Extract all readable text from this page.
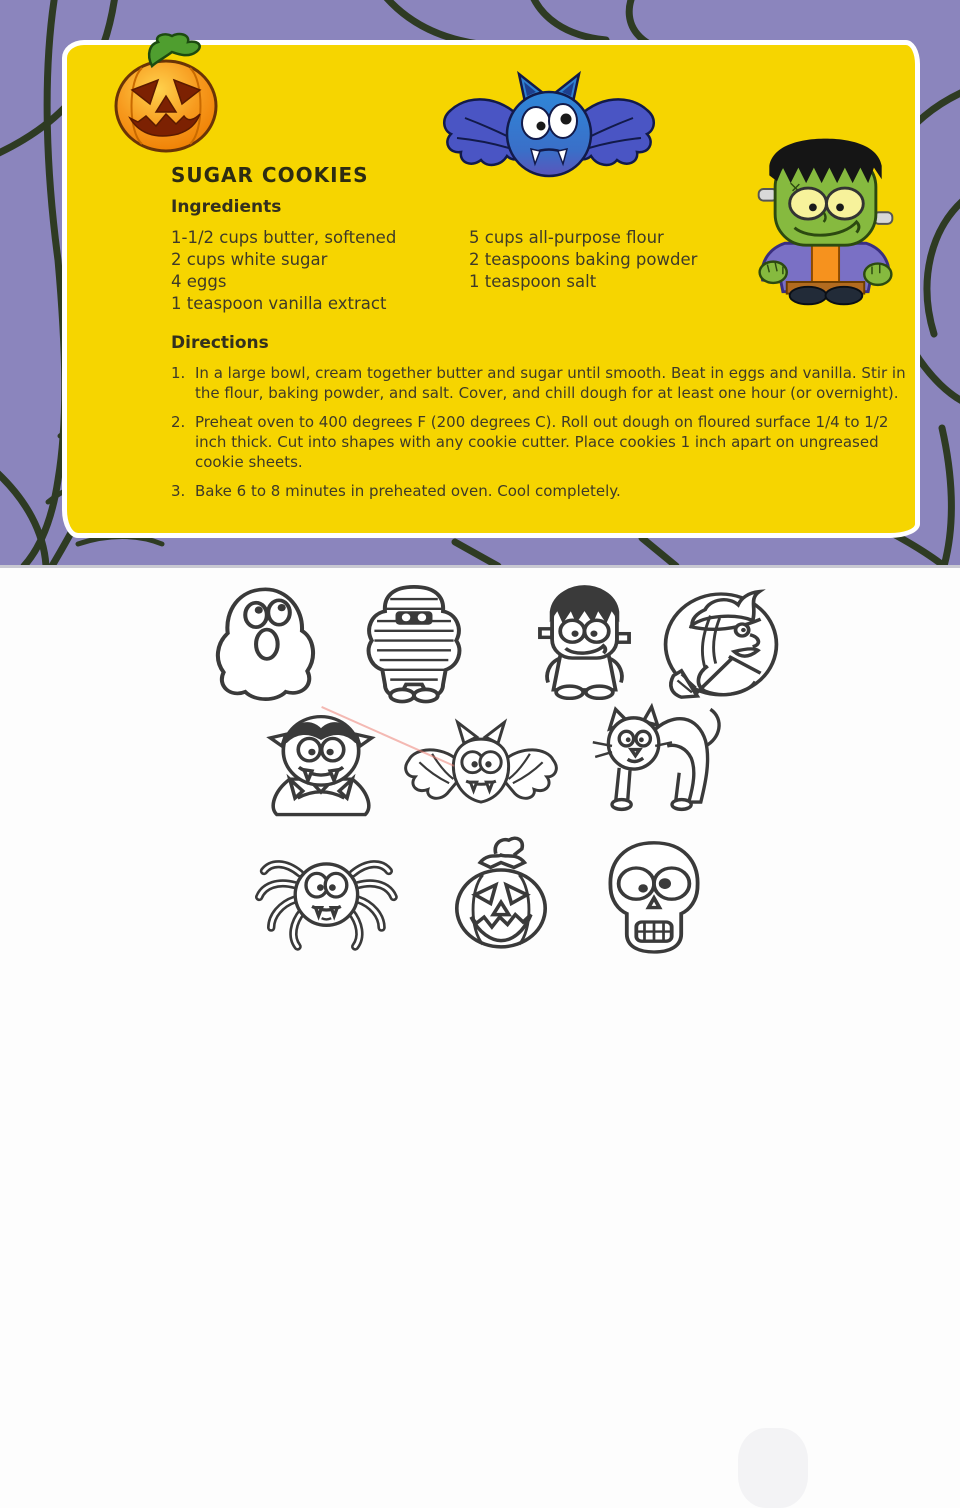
SUGAR COOKIES
Ingredients
1-1/2 cups butter, softened
2 cups white sugar
4 eggs
1 teaspoon vanilla extract
5 cups all-purpose flour
2 teaspoons baking powder
1 teaspoon salt
Directions
1. In a large bowl, cream together butter and sugar until smooth. Beat in eggs and vanilla. Stir in the flour, baking powder, and salt. Cover, and chill dough for at least one hour (or overnight).
2. Preheat oven to 400 degrees F (200 degrees C). Roll out dough on floured surface 1/4 to 1/2 inch thick. Cut into shapes with any cookie cutter. Place cookies 1 inch apart on ungreased cookie sheets.
3. Bake 6 to 8 minutes in preheated oven. Cool completely.
